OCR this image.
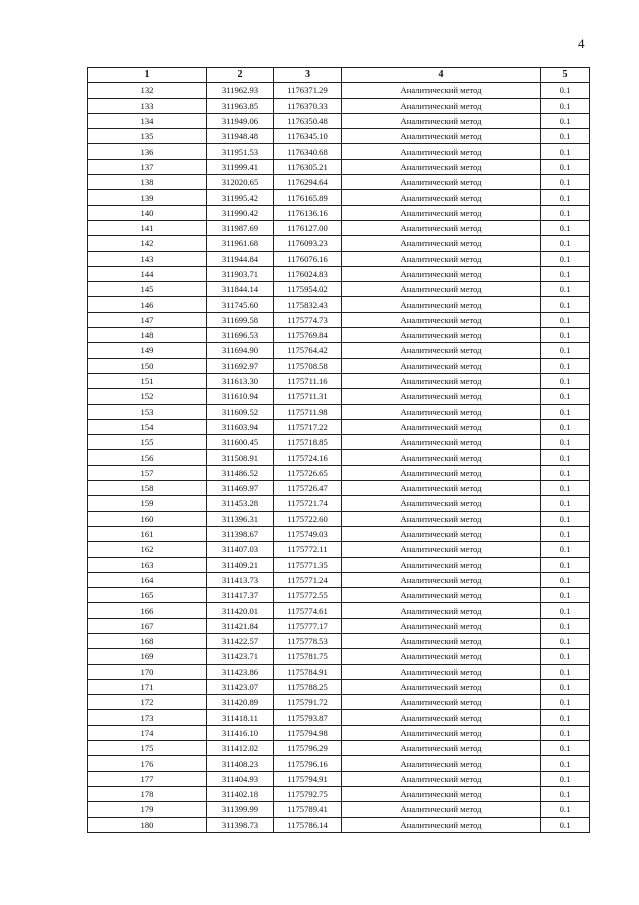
4
1	2	3	4	5
132	311962.93	1176371.29	Аналитический метод	0.1
133	311963.85	1176370.33	Аналитический метод	0.1
134	311949.06	1176350.48	Аналитический метод	0.1
135	311948.48	1176345.10	Аналитический метод	0.1
136	311951.53	1176340.68	Аналитический метод	0.1
137	311999.41	1176305.21	Аналитический метод	0.1
138	312020.65	1176294.64	Аналитический метод	0.1
139	311995.42	1176165.89	Аналитический метод	0.1
140	311990.42	1176136.16	Аналитический метод	0.1
141	311987.69	1176127.00	Аналитический метод	0.1
142	311961.68	1176093.23	Аналитический метод	0.1
143	311944.84	1176076.16	Аналитический метод	0.1
144	311903.71	1176024.83	Аналитический метод	0.1
145	311844.14	1175954.02	Аналитический метод	0.1
146	311745.60	1175832.43	Аналитический метод	0.1
147	311699.58	1175774.73	Аналитический метод	0.1
148	311696.53	1175769.84	Аналитический метод	0.1
149	311694.90	1175764.42	Аналитический метод	0.1
150	311692.97	1175708.58	Аналитический метод	0.1
151	311613.30	1175711.16	Аналитический метод	0.1
152	311610.94	1175711.31	Аналитический метод	0.1
153	311609.52	1175711.98	Аналитический метод	0.1
154	311603.94	1175717.22	Аналитический метод	0.1
155	311600.45	1175718.85	Аналитический метод	0.1
156	311508.91	1175724.16	Аналитический метод	0.1
157	311486.52	1175726.65	Аналитический метод	0.1
158	311469.97	1175726.47	Аналитический метод	0.1
159	311453.28	1175721.74	Аналитический метод	0.1
160	311396.31	1175722.60	Аналитический метод	0.1
161	311398.67	1175749.03	Аналитический метод	0.1
162	311407.03	1175772.11	Аналитический метод	0.1
163	311409.21	1175771.35	Аналитический метод	0.1
164	311413.73	1175771.24	Аналитический метод	0.1
165	311417.37	1175772.55	Аналитический метод	0.1
166	311420.01	1175774.61	Аналитический метод	0.1
167	311421.84	1175777.17	Аналитический метод	0.1
168	311422.57	1175778.53	Аналитический метод	0.1
169	311423.71	1175781.75	Аналитический метод	0.1
170	311423.86	1175784.91	Аналитический метод	0.1
171	311423.07	1175788.25	Аналитический метод	0.1
172	311420.89	1175791.72	Аналитический метод	0.1
173	311418.11	1175793.87	Аналитический метод	0.1
174	311416.10	1175794.98	Аналитический метод	0.1
175	311412.02	1175796.29	Аналитический метод	0.1
176	311408.23	1175796.16	Аналитический метод	0.1
177	311404.93	1175794.91	Аналитический метод	0.1
178	311402.18	1175792.75	Аналитический метод	0.1
179	311399.99	1175789.41	Аналитический метод	0.1
180	311398.73	1175786.14	Аналитический метод	0.1
